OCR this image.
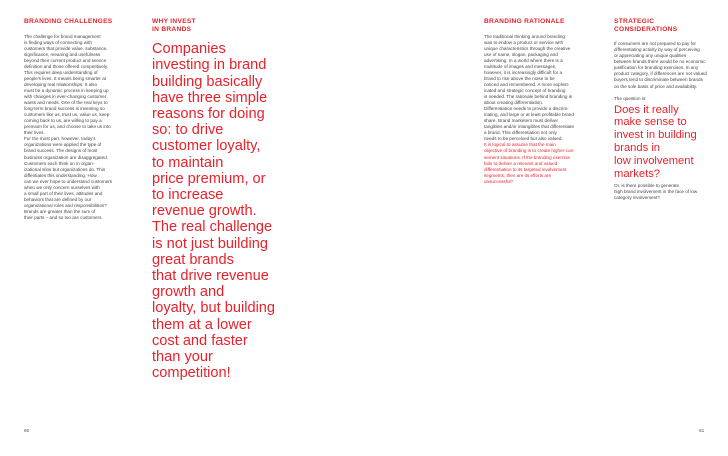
BRANDING CHALLENGES

The challenge for brand management
is finding ways of connecting with
customers that provide value, substance,
significance, meaning and usefulness
beyond their current product and service
definition and those offered competitively.
This requires deep understanding of
people's lives. It means being smarter at
developing real relationships. It also
must be a dynamic process in keeping up
with changes in ever-changing customer
wants and needs. One of the real keys to
long-term brand success is inventing so
customers like us, trust us, value us, keep
coming back to us, are willing to pay a
premium for us, and choose to take us into
their lives.
For the most part, however, today's
organizations were applied the type of
brand success. The designs of most
business organization are disaggregated.
Customers each think on in organ-
izational silos but organizations do. This
diffentiates this understanding. How
can we ever hope to understand customers
when we only concern ourselves with
a small part of their lives, attitudes and
behaviors that are defined by our
organizational roles and responsibilities?
Brands are greater than the sum of
their parts – and so too are customers.

WHY INVEST
IN BRANDS

Companies
investing in brand
building basically
have three simple
reasons for doing
so: to drive
customer loyalty,
to maintain
price premium, or
to increase
revenue growth.
The real challenge
is not just building
great brands
that drive revenue
growth and
loyalty, but building
them at a lower
cost and faster
than your
competition!

60
BRANDING RATIONALE

The traditional thinking around branding
was to endow a product or service with
unique characteristics through the creative
use of name, slogan, packaging and
advertising. In a world where there is a
multitude of images and messages,
however, it is increasingly difficult for a
brand to rise above the noise to be
noticed and remembered. A more sophist-
icated and strategic concept of branding
is needed. The rationale behind branding is
about creating differentiation.
Differentiation needs to provide a discrim-
inating, and large or at least profitable brand
share. Brand marketers must deliver
tangibles and/or intangibles that differentiate
a brand. This differentiation not only
needs to be perceived but also valued.

It is logical to assume that the main
objective of branding is to create higher-cus-
sement situations. If the branding exercise
fails to deliver a relevant and valued
differentiation to its targeted involvement
segments, then are its efforts are
unsuccessful?

STRATEGIC
CONSIDERATIONS

If consumers are not prepared to pay for
differentiating activity by way of perceiving
or appreciating any unique qualities
between brands there would be no economic
justification for branding exercises. In any
product category, if differences are not valued
buyers tend to discriminate between brands
on the sole basis of price and availability.

The question is:

Does it really
make sense to
invest in building
brands in
low involvement
markets?

Or, is there possible to generate
high brand involvement in the face of low
category involvement?

61
